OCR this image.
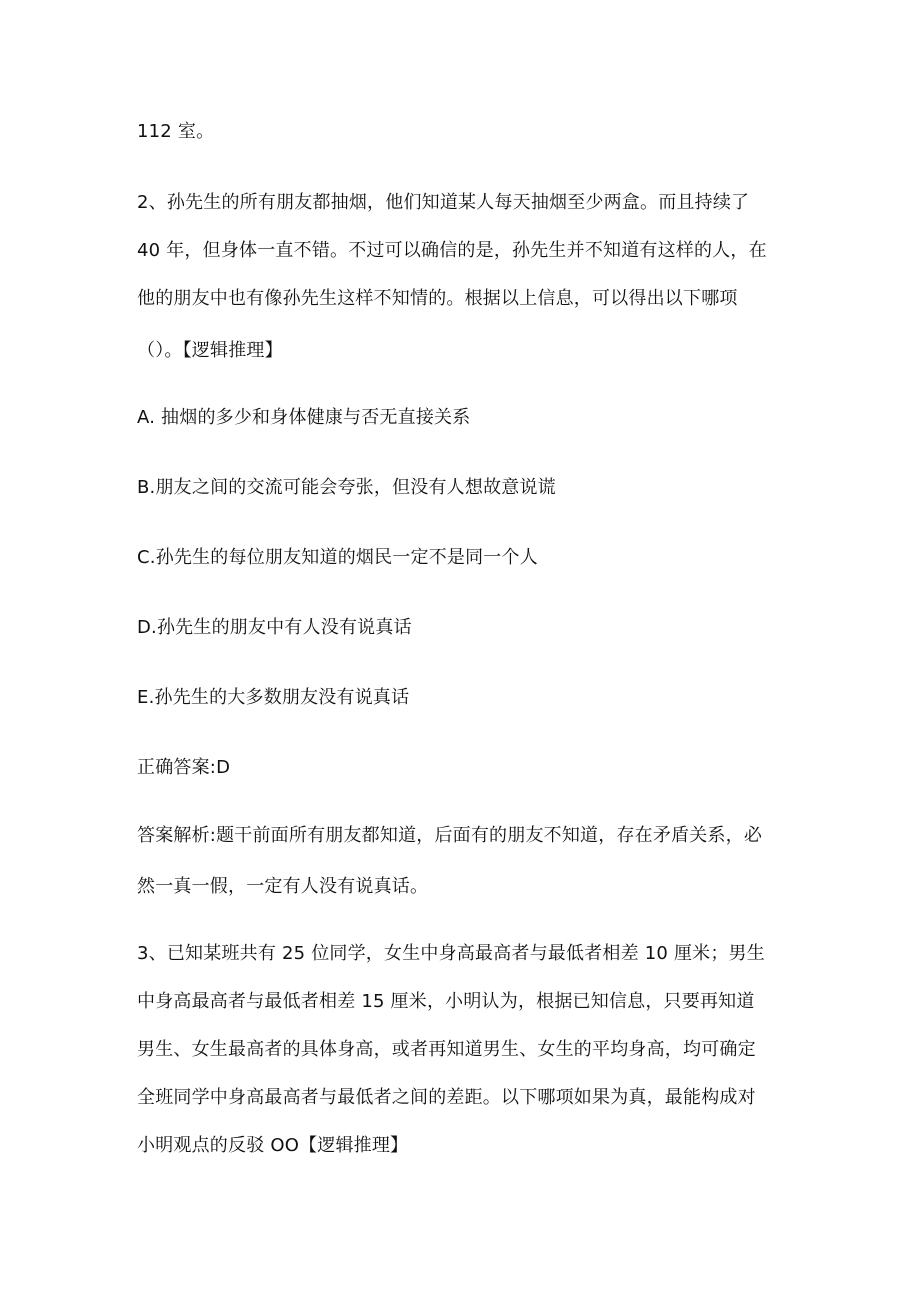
112 室。
2、孙先生的所有朋友都抽烟，他们知道某人每天抽烟至少两盒。而且持续了
40 年，但身体一直不错。不过可以确信的是，孙先生并不知道有这样的人，在
他的朋友中也有像孙先生这样不知情的。根据以上信息，可以得出以下哪项
（）。【逻辑推理】
A. 抽烟的多少和身体健康与否无直接关系
B.朋友之间的交流可能会夸张，但没有人想故意说谎
C.孙先生的每位朋友知道的烟民一定不是同一个人
D.孙先生的朋友中有人没有说真话
E.孙先生的大多数朋友没有说真话
正确答案:D
答案解析:题干前面所有朋友都知道，后面有的朋友不知道，存在矛盾关系，必
然一真一假，一定有人没有说真话。
3、已知某班共有 25 位同学，女生中身高最高者与最低者相差 10 厘米；男生
中身高最高者与最低者相差 15 厘米，小明认为，根据已知信息，只要再知道
男生、女生最高者的具体身高，或者再知道男生、女生的平均身高，均可确定
全班同学中身高最高者与最低者之间的差距。以下哪项如果为真，最能构成对
小明观点的反驳 OO【逻辑推理】
